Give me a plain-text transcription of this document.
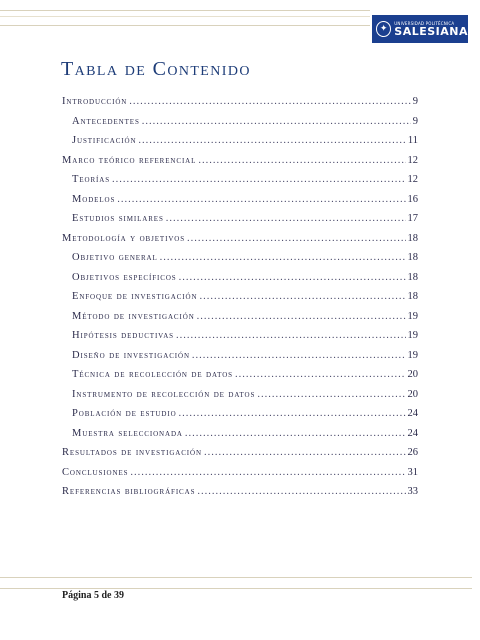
✦
UNIVERSIDAD POLITÉCNICA
SALESIANA
Tabla de Contenido
Introducción .....	9
Antecedentes .....	9
Justificación .....	11
Marco teórico referencial .....	12
Teorías .....	12
Modelos .....	16
Estudios similares .....	17
Metodología y objetivos .....	18
Objetivo general .....	18
Objetivos específicos .....	18
Enfoque de investigación .....	18
Método de investigación .....	19
Hipótesis deductivas .....	19
Diseño de investigación .....	19
Técnica de recolección de datos .....	20
Instrumento de recolección de datos .....	20
Población de estudio .....	24
Muestra seleccionada .....	24
Resultados de investigación .....	26
Conclusiones .....	31
Referencias bibliográficas .....	33
Página 5 de 39
